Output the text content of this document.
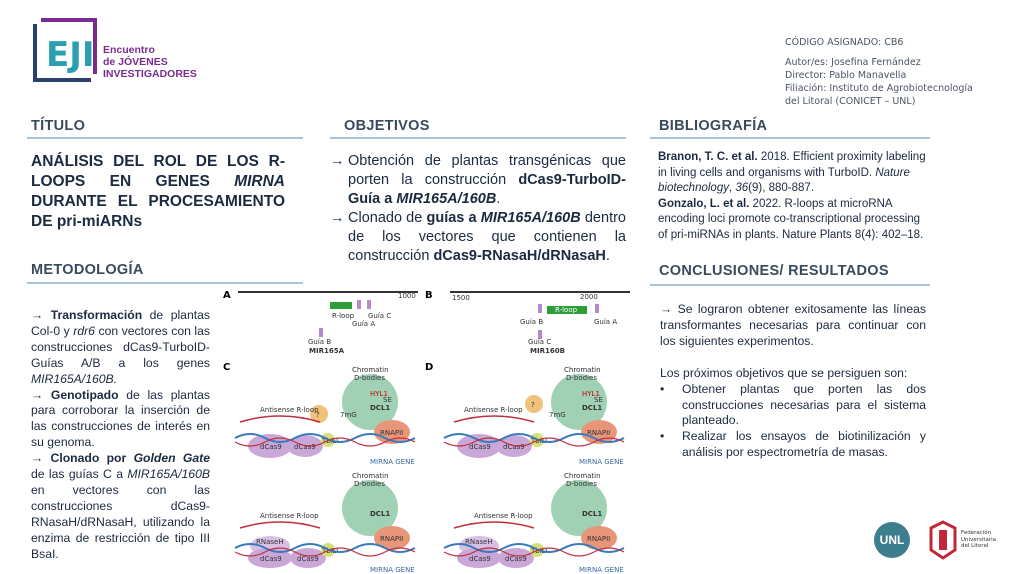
EJI Encuentro
de JÓVENES
INVESTIGADORES
CÓDIGO ASIGNADO: CB6
Autor/es: Josefina Fernández
Director: Pablo Manavella
Filiación: Instituto de Agrobiotecnología
del Litoral (CONICET – UNL)
TÍTULO	OBJETIVOS	BIBLIOGRAFÍA
METODOLOGÍA	CONCLUSIONES/ RESULTADOS
ANÁLISIS DEL ROL DE LOS R-LOOPS EN GENES MIRNA DURANTE EL PROCESAMIENTO DE pri-miARNs
→ Obtención de plantas transgénicas que porten la construcción dCas9-TurboID-Guía a MIR165A/160B.
→ Clonado de guías a MIR165A/160B dentro de los vectores que contienen la construcción dCas9-RNasaH/dRNasaH.
Branon, T. C. et al. 2018. Efficient proximity labeling in living cells and organisms with TurboID. Nature biotechnology, 36(9), 880-887.
Gonzalo, L. et al. 2022. R-loops at microRNA encoding loci promote co-transcriptional processing of pri-miRNAs in plants. Nature Plants 8(4): 402–18.
→ Transformación de plantas Col-0 y rdr6 con vectores con las construcciones dCas9-TurboID-Guías A/B a los genes MIR165A/160B.
→ Genotipado de las plantas para corroborar la inserción de las construcciones de interés en su genoma.
→ Clonado por Golden Gate de las guías C a MIR165A/160B en vectores con las construcciones dCas9-RNasaH/dRNasaH, utilizando la enzima de restricción de tipo III BsaI.
→ Se lograron obtener exitosamente las líneas transformantes necesarias para continuar con los siguientes experimentos.
Los próximos objetivos que se persiguen son:
•	Obtener plantas que porten las dos construcciones necesarias para el sistema planteado.
•	Realizar los ensayos de biotinilización y análisis por espectrometría de masas.
A	B
C	D
1000
R-loop Guía C
Guía A
Guía B
MIR165A
1500	2000
R-loop
Guía B	Guía A
Guía C
MIR160B
Chromatin
D-bodies
DCL1
HYL1
SE
RNAPII
?	7mG
Antisense R-loop
dCas9 dCas9
TbID
MIRNA GENE
Chromatin
D-bodies
DCL1
HYL1
SE
RNAPII
?
7mG
Antisense R-loop
dCas9 dCas9
TbID
MIRNA GENE
Chromatin
D-bodies
DCL1
RNAPII
Antisense R-loop
RNaseH
dCas9 dCas9
TbID
MIRNA GENE
Chromatin
D-bodies
DCL1
RNAPII
Antisense R-loop
RNaseH
dCas9 dCas9
TbID
MIRNA GENE
UNL	Federación
Universitaria
del Litoral
